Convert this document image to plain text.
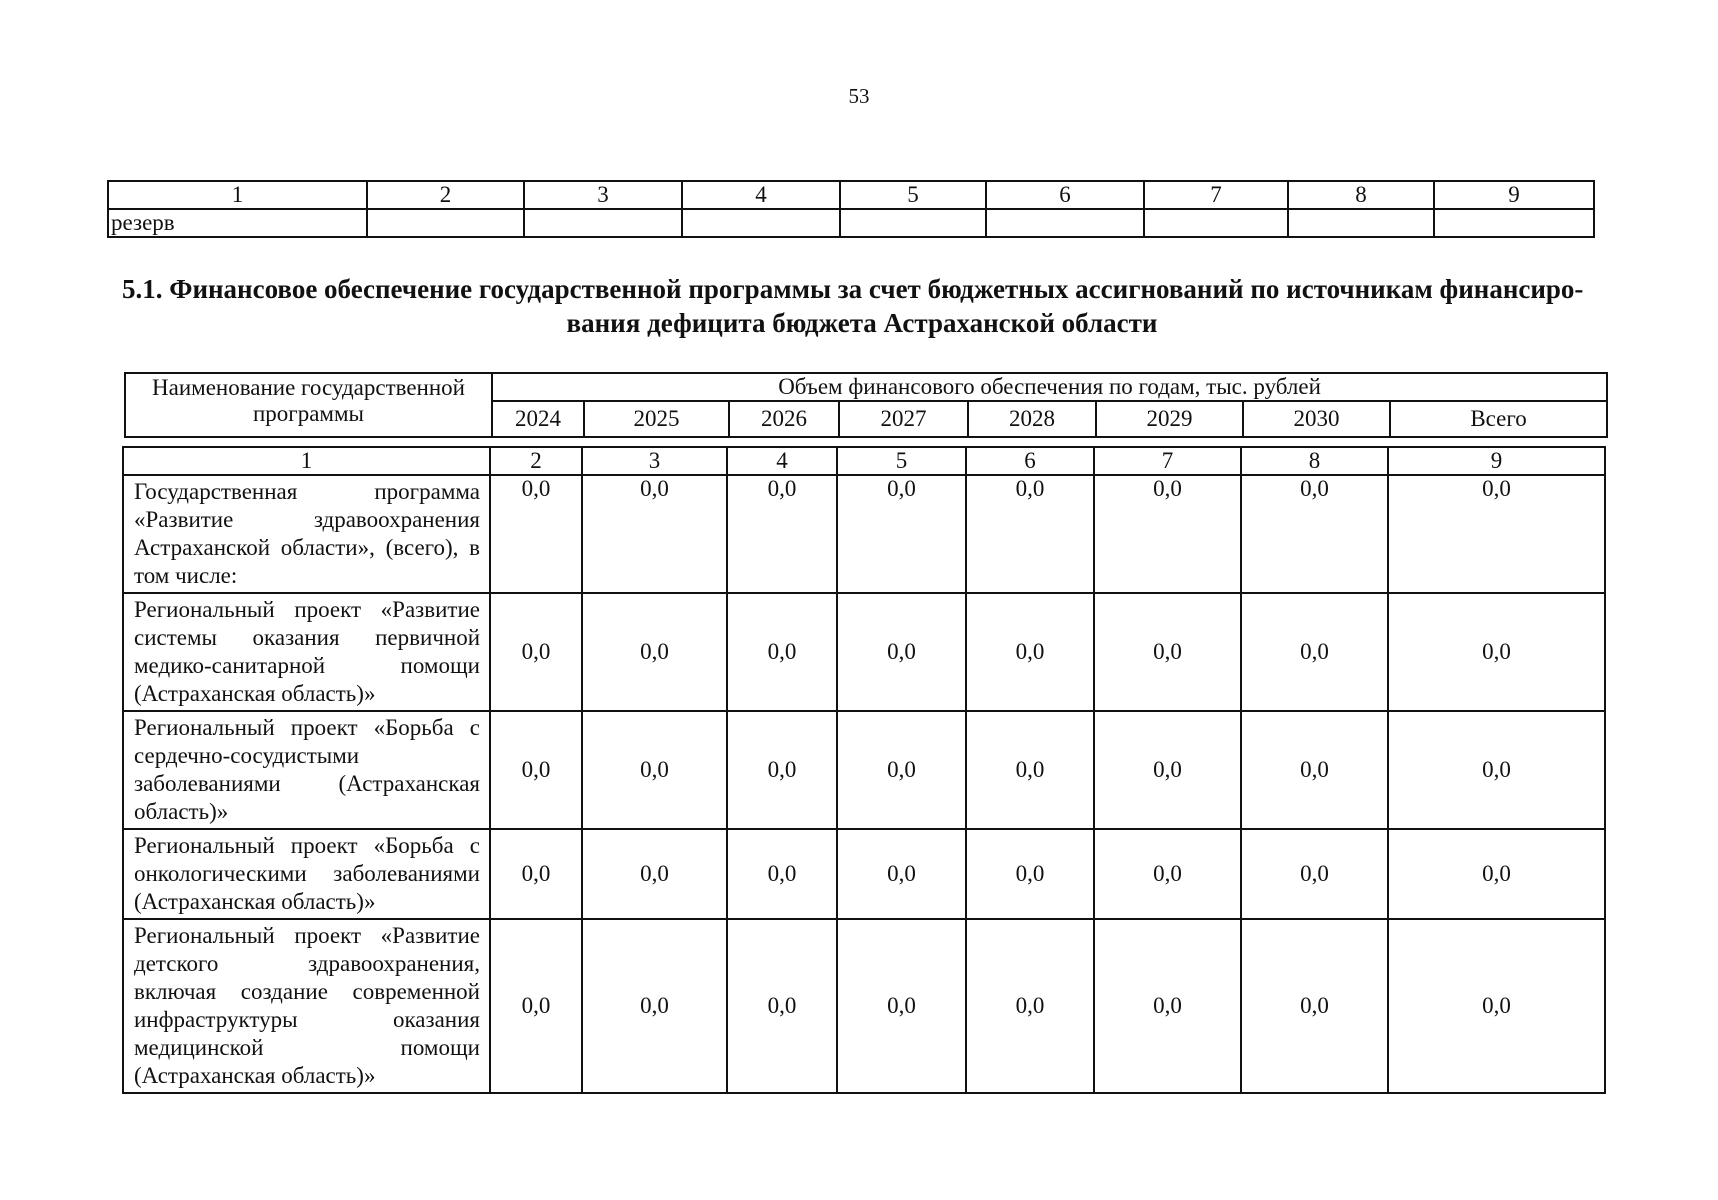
53
1	2	3	4	5	6	7	8	9
резерв								
5.1. Финансовое обеспечение государственной программы за счет бюджетных ассигнований по источникам финансиро-
вания дефицита бюджета Астраханской области
Наименование государственной программы	Объем финансового обеспечения по годам, тыс. рублей							
	2024	2025	2026	2027	2028	2029	2030	Всего
1	2	3	4	5	6	7	8	9
Государственная программа «Развитие здравоохранения Астраханской области», (всего), в том числе:	0,0	0,0	0,0	0,0	0,0	0,0	0,0	0,0
Региональный проект «Развитие системы оказания первичной медико-санитарной помощи (Астраханская область)»	0,0	0,0	0,0	0,0	0,0	0,0	0,0	0,0
Региональный проект «Борьба с сердечно-сосудистыми заболеваниями (Астраханская область)»	0,0	0,0	0,0	0,0	0,0	0,0	0,0	0,0
Региональный проект «Борьба с онкологическими заболеваниями (Астраханская область)»	0,0	0,0	0,0	0,0	0,0	0,0	0,0	0,0
Региональный проект «Развитие детского здравоохранения, включая создание современной инфраструктуры оказания медицинской помощи (Астраханская область)»	0,0	0,0	0,0	0,0	0,0	0,0	0,0	0,0
